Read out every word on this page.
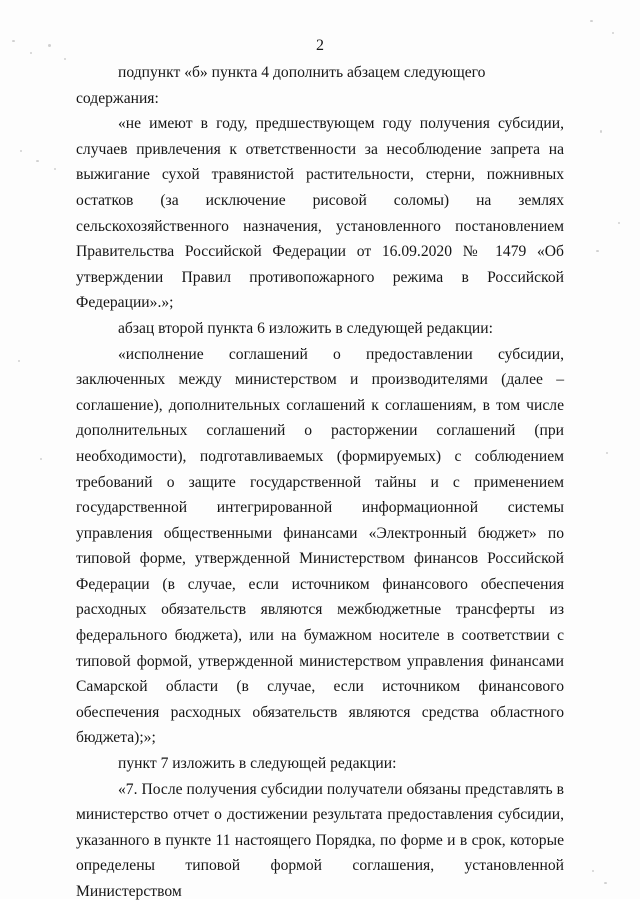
2

подпункт «б» пункта 4 дополнить абзацем следующего содержания:

«не имеют в году, предшествующем году получения субсидии, случаев привлечения к ответственности за несоблюдение запрета на выжигание сухой травянистой растительности, стерни, пожнивных остатков (за исключение рисовой соломы) на землях сельскохозяйственного назначения, установленного постановлением Правительства Российской Федерации от 16.09.2020 № 1479 «Об утверждении Правил противопожарного режима в Российской Федерации».»;

абзац второй пункта 6 изложить в следующей редакции:

«исполнение соглашений о предоставлении субсидии, заключенных между министерством и производителями (далее – соглашение), дополнительных соглашений к соглашениям, в том числе дополнительных соглашений о расторжении соглашений (при необходимости), подготавливаемых (формируемых) с соблюдением требований о защите государственной тайны и с применением государственной интегрированной информационной системы управления общественными финансами «Электронный бюджет» по типовой форме, утвержденной Министерством финансов Российской Федерации (в случае, если источником финансового обеспечения расходных обязательств являются межбюджетные трансферты из федерального бюджета), или на бумажном носителе в соответствии с типовой формой, утвержденной министерством управления финансами Самарской области (в случае, если источником финансового обеспечения расходных обязательств являются средства областного бюджета);»;

пункт 7 изложить в следующей редакции:

«7. После получения субсидии получатели обязаны представлять в министерство отчет о достижении результата предоставления субсидии, указанного в пункте 11 настоящего Порядка, по форме и в срок, которые определены типовой формой соглашения, установленной Министерством
